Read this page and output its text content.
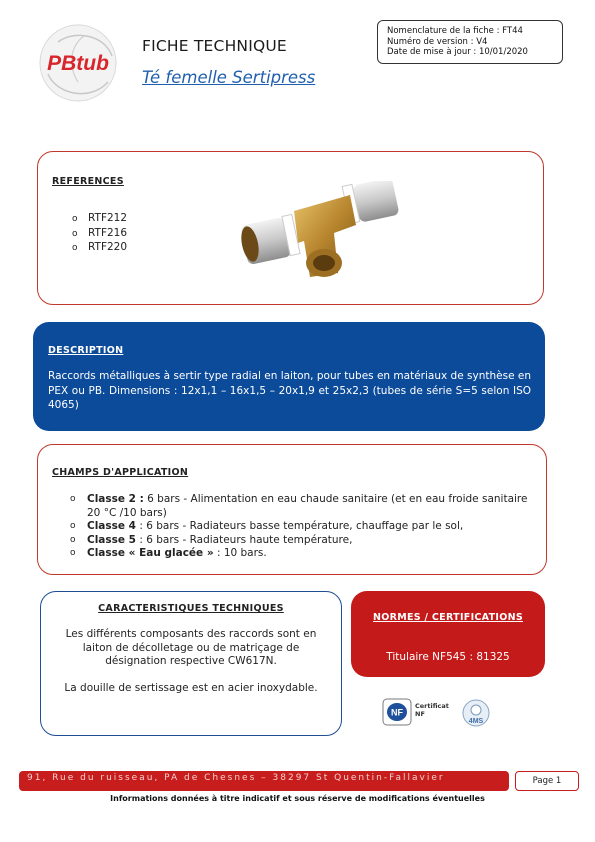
PBtub
FICHE TECHNIQUE
Té femelle Sertipress
Nomenclature de la fiche : FT44
Numéro de version : V4
Date de mise à jour : 10/01/2020
REFERENCES
o RTF212
o RTF216
o RTF220
DESCRIPTION
Raccords métalliques à sertir type radial en laiton, pour tubes en matériaux de synthèse en PEX ou PB. Dimensions : 12x1,1 – 16x1,5 – 20x1,9 et 25x2,3 (tubes de série S=5 selon ISO 4065)
CHAMPS D'APPLICATION
o Classe 2 : 6 bars - Alimentation en eau chaude sanitaire (et en eau froide sanitaire 20 °C /10 bars)
o Classe 4 : 6 bars - Radiateurs basse température, chauffage par le sol,
o Classe 5 : 6 bars - Radiateurs haute température,
o Classe « Eau glacée » : 10 bars.
CARACTERISTIQUES TECHNIQUES
Les différents composants des raccords sont en laiton de décolletage ou de matriçage de désignation respective CW617N.
La douille de sertissage est en acier inoxydable.
NORMES / CERTIFICATIONS
Titulaire NF545 : 81325
NF
Certificat
NF
4MS
91, Rue du ruisseau, PA de Chesnes – 38297 St Quentin-Fallavier	Page 1
Informations données à titre indicatif et sous réserve de modifications éventuelles
